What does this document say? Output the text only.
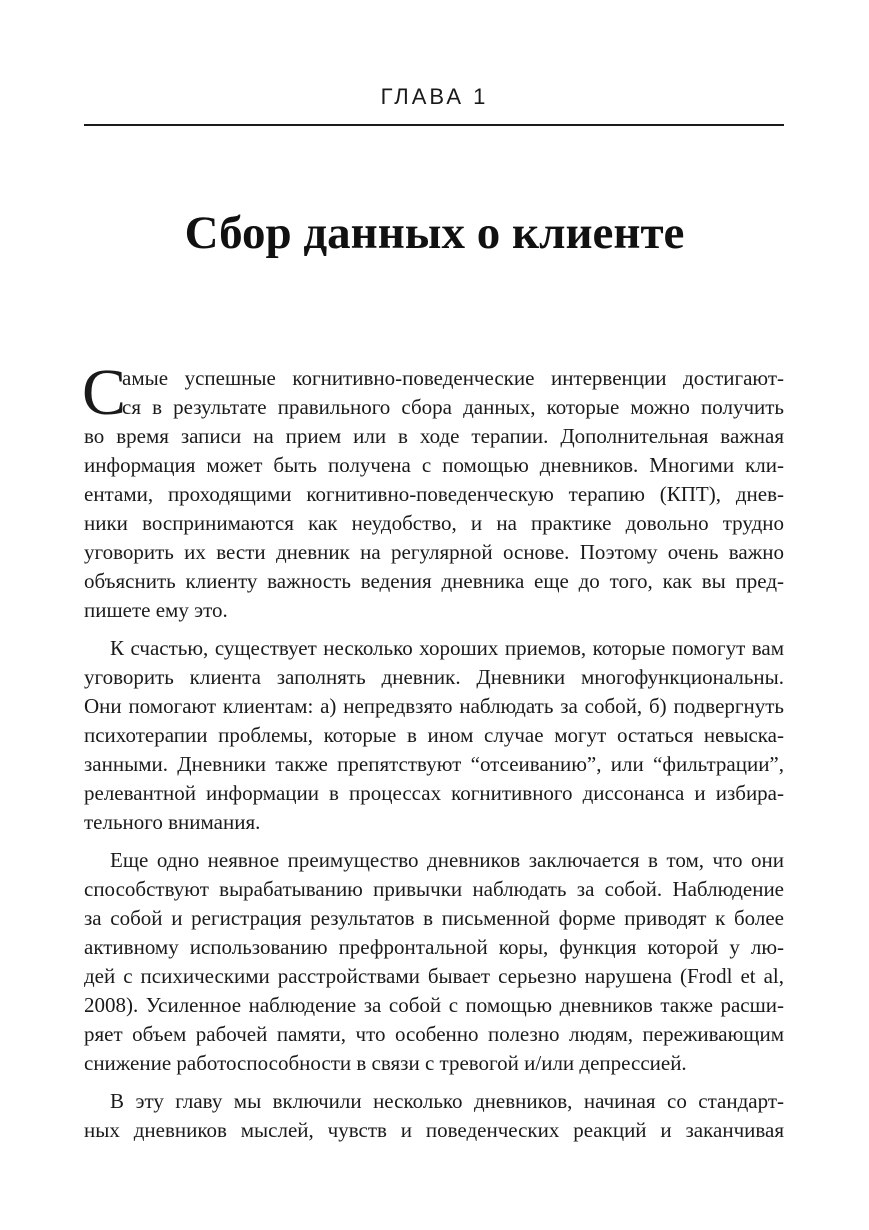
ГЛАВА 1
Сбор данных о клиенте
С
амые успешные когнитивно-поведенческие интервенции достигают-
ся в результате правильного сбора данных, которые можно получить
во время записи на прием или в ходе терапии. Дополнительная важная
информация может быть получена с помощью дневников. Многими кли-
ентами, проходящими когнитивно-поведенческую терапию (КПТ), днев-
ники воспринимаются как неудобство, и на практике довольно трудно
уговорить их вести дневник на регулярной основе. Поэтому очень важно
объяснить клиенту важность ведения дневника еще до того, как вы пред-
пишете ему это.
К счастью, существует несколько хороших приемов, которые помогут вам
уговорить клиента заполнять дневник. Дневники многофункциональны.
Они помогают клиентам: а) непредвзято наблюдать за собой, б) подвергнуть
психотерапии проблемы, которые в ином случае могут остаться невыска-
занными. Дневники также препятствуют “отсеиванию”, или “фильтрации”,
релевантной информации в процессах когнитивного диссонанса и избира-
тельного внимания.
Еще одно неявное преимущество дневников заключается в том, что они
способствуют вырабатыванию привычки наблюдать за собой. Наблюдение
за собой и регистрация результатов в письменной форме приводят к более
активному использованию префронтальной коры, функция которой у лю-
дей с психическими расстройствами бывает серьезно нарушена (Frodl et al,
2008). Усиленное наблюдение за собой с помощью дневников также расши-
ряет объем рабочей памяти, что особенно полезно людям, переживающим
снижение работоспособности в связи с тревогой и/или депрессией.
В эту главу мы включили несколько дневников, начиная со стандарт-
ных дневников мыслей, чувств и поведенческих реакций и заканчивая
